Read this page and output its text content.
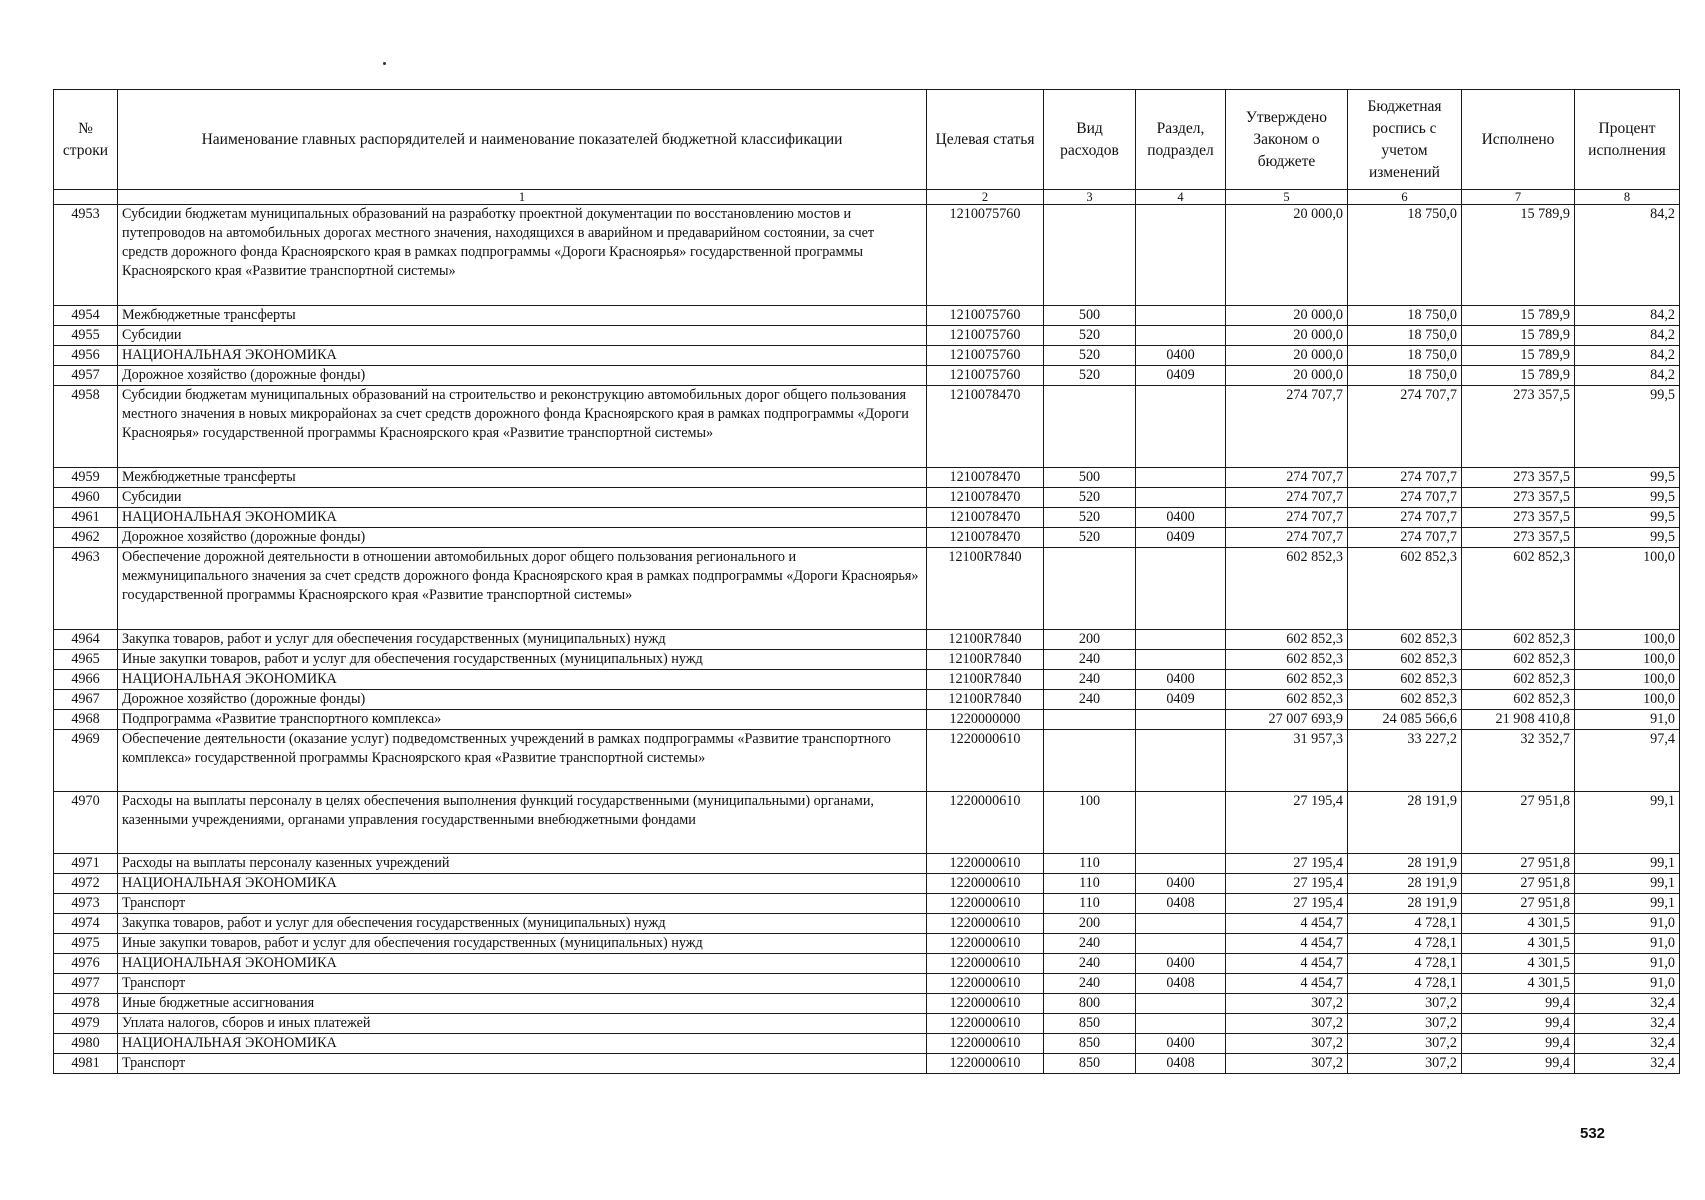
№ строки	Наименование главных распорядителей и наименование показателей бюджетной классификации	Целевая статья	Вид расходов	Раздел, подраздел	Утверждено Законом о бюджете	Бюджетная роспись с учетом изменений	Исполнено	Процент исполнения
	1	2	3	4	5	6	7	8
4953	Субсидии бюджетам муниципальных образований на разработку проектной документации по восстановлению мостов и путепроводов на автомобильных дорогах местного значения, находящихся в аварийном и предаварийном состоянии, за счет средств дорожного фонда Красноярского края в рамках подпрограммы «Дороги Красноярья» государственной программы Красноярского края «Развитие транспортной системы»	1210075760			20 000,0	18 750,0	15 789,9	84,2
4954	Межбюджетные трансферты	1210075760	500		20 000,0	18 750,0	15 789,9	84,2
4955	Субсидии	1210075760	520		20 000,0	18 750,0	15 789,9	84,2
4956	НАЦИОНАЛЬНАЯ ЭКОНОМИКА	1210075760	520	0400	20 000,0	18 750,0	15 789,9	84,2
4957	Дорожное хозяйство (дорожные фонды)	1210075760	520	0409	20 000,0	18 750,0	15 789,9	84,2
4958	Субсидии бюджетам муниципальных образований на строительство и реконструкцию автомобильных дорог общего пользования местного значения в новых микрорайонах за счет средств дорожного фонда Красноярского края в рамках подпрограммы «Дороги Красноярья» государственной программы Красноярского края «Развитие транспортной системы»	1210078470			274 707,7	274 707,7	273 357,5	99,5
4959	Межбюджетные трансферты	1210078470	500		274 707,7	274 707,7	273 357,5	99,5
4960	Субсидии	1210078470	520		274 707,7	274 707,7	273 357,5	99,5
4961	НАЦИОНАЛЬНАЯ ЭКОНОМИКА	1210078470	520	0400	274 707,7	274 707,7	273 357,5	99,5
4962	Дорожное хозяйство (дорожные фонды)	1210078470	520	0409	274 707,7	274 707,7	273 357,5	99,5
4963	Обеспечение дорожной деятельности в отношении автомобильных дорог общего пользования регионального и межмуниципального значения за счет средств дорожного фонда Красноярского края в рамках подпрограммы «Дороги Красноярья» государственной программы Красноярского края «Развитие транспортной системы»	12100R7840			602 852,3	602 852,3	602 852,3	100,0
4964	Закупка товаров, работ и услуг для обеспечения государственных (муниципальных) нужд	12100R7840	200		602 852,3	602 852,3	602 852,3	100,0
4965	Иные закупки товаров, работ и услуг для обеспечения государственных (муниципальных) нужд	12100R7840	240		602 852,3	602 852,3	602 852,3	100,0
4966	НАЦИОНАЛЬНАЯ ЭКОНОМИКА	12100R7840	240	0400	602 852,3	602 852,3	602 852,3	100,0
4967	Дорожное хозяйство (дорожные фонды)	12100R7840	240	0409	602 852,3	602 852,3	602 852,3	100,0
4968	Подпрограмма «Развитие транспортного комплекса»	1220000000			27 007 693,9	24 085 566,6	21 908 410,8	91,0
4969	Обеспечение деятельности (оказание услуг) подведомственных учреждений в рамках подпрограммы «Развитие транспортного комплекса» государственной программы Красноярского края «Развитие транспортной системы»	1220000610			31 957,3	33 227,2	32 352,7	97,4
4970	Расходы на выплаты персоналу в целях обеспечения выполнения функций государственными (муниципальными) органами, казенными учреждениями, органами управления государственными внебюджетными фондами	1220000610	100		27 195,4	28 191,9	27 951,8	99,1
4971	Расходы на выплаты персоналу казенных учреждений	1220000610	110		27 195,4	28 191,9	27 951,8	99,1
4972	НАЦИОНАЛЬНАЯ ЭКОНОМИКА	1220000610	110	0400	27 195,4	28 191,9	27 951,8	99,1
4973	Транспорт	1220000610	110	0408	27 195,4	28 191,9	27 951,8	99,1
4974	Закупка товаров, работ и услуг для обеспечения государственных (муниципальных) нужд	1220000610	200		4 454,7	4 728,1	4 301,5	91,0
4975	Иные закупки товаров, работ и услуг для обеспечения государственных (муниципальных) нужд	1220000610	240		4 454,7	4 728,1	4 301,5	91,0
4976	НАЦИОНАЛЬНАЯ ЭКОНОМИКА	1220000610	240	0400	4 454,7	4 728,1	4 301,5	91,0
4977	Транспорт	1220000610	240	0408	4 454,7	4 728,1	4 301,5	91,0
4978	Иные бюджетные ассигнования	1220000610	800		307,2	307,2	99,4	32,4
4979	Уплата налогов, сборов и иных платежей	1220000610	850		307,2	307,2	99,4	32,4
4980	НАЦИОНАЛЬНАЯ ЭКОНОМИКА	1220000610	850	0400	307,2	307,2	99,4	32,4
4981	Транспорт	1220000610	850	0408	307,2	307,2	99,4	32,4
532
